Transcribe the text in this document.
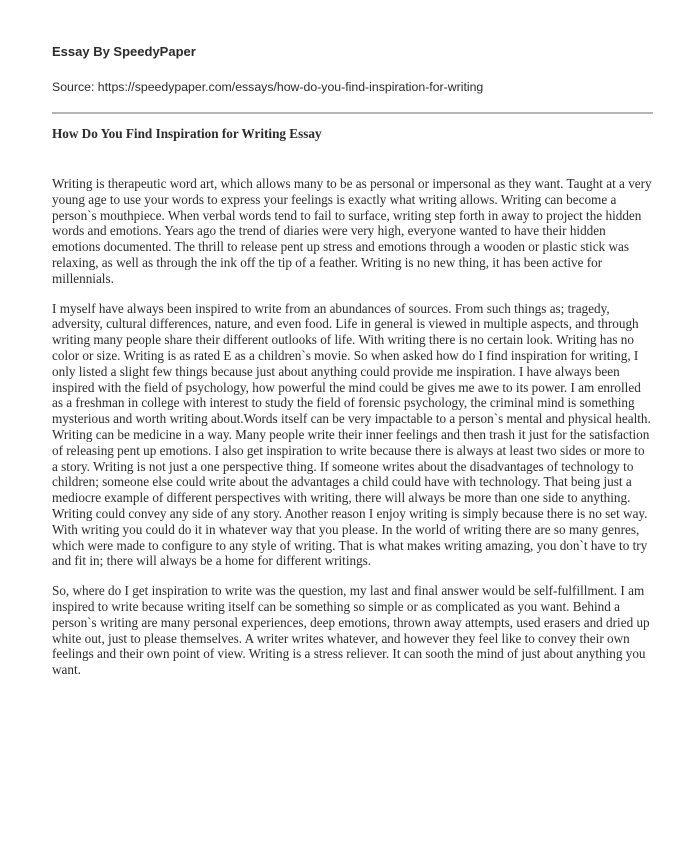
Essay By SpeedyPaper
Source: https://speedypaper.com/essays/how-do-you-find-inspiration-for-writing
How Do You Find Inspiration for Writing Essay

Writing is therapeutic word art, which allows many to be as personal or impersonal as they want. Taught at a very young age to use your words to express your feelings is exactly what writing allows. Writing can become a person`s mouthpiece. When verbal words tend to fail to surface, writing step forth in away to project the hidden words and emotions. Years ago the trend of diaries were very high, everyone wanted to have their hidden emotions documented. The thrill to release pent up stress and emotions through a wooden or plastic stick was relaxing, as well as through the ink off the tip of a feather. Writing is no new thing, it has been active for millennials.

I myself have always been inspired to write from an abundances of sources. From such things as; tragedy, adversity, cultural differences, nature, and even food. Life in general is viewed in multiple aspects, and through writing many people share their different outlooks of life. With writing there is no certain look. Writing has no color or size. Writing is as rated E as a children`s movie. So when asked how do I find inspiration for writing, I only listed a slight few things because just about anything could provide me inspiration. I have always been inspired with the field of psychology, how powerful the mind could be gives me awe to its power. I am enrolled as a freshman in college with interest to study the field of forensic psychology, the criminal mind is something mysterious and worth writing about.Words itself can be very impactable to a person`s mental and physical health. Writing can be medicine in a way. Many people write their inner feelings and then trash it just for the satisfaction of releasing pent up emotions. I also get inspiration to write because there is always at least two sides or more to a story. Writing is not just a one perspective thing. If someone writes about the disadvantages of technology to children; someone else could write about the advantages a child could have with technology. That being just a mediocre example of different perspectives with writing, there will always be more than one side to anything. Writing could convey any side of any story. Another reason I enjoy writing is simply because there is no set way. With writing you could do it in whatever way that you please. In the world of writing there are so many genres, which were made to configure to any style of writing. That is what makes writing amazing, you don`t have to try and fit in; there will always be a home for different writings.

So, where do I get inspiration to write was the question, my last and final answer would be self-fulfillment. I am inspired to write because writing itself can be something so simple or as complicated as you want. Behind a person`s writing are many personal experiences, deep emotions, thrown away attempts, used erasers and dried up white out, just to please themselves. A writer writes whatever, and however they feel like to convey their own feelings and their own point of view. Writing is a stress reliever. It can sooth the mind of just about anything you want.
